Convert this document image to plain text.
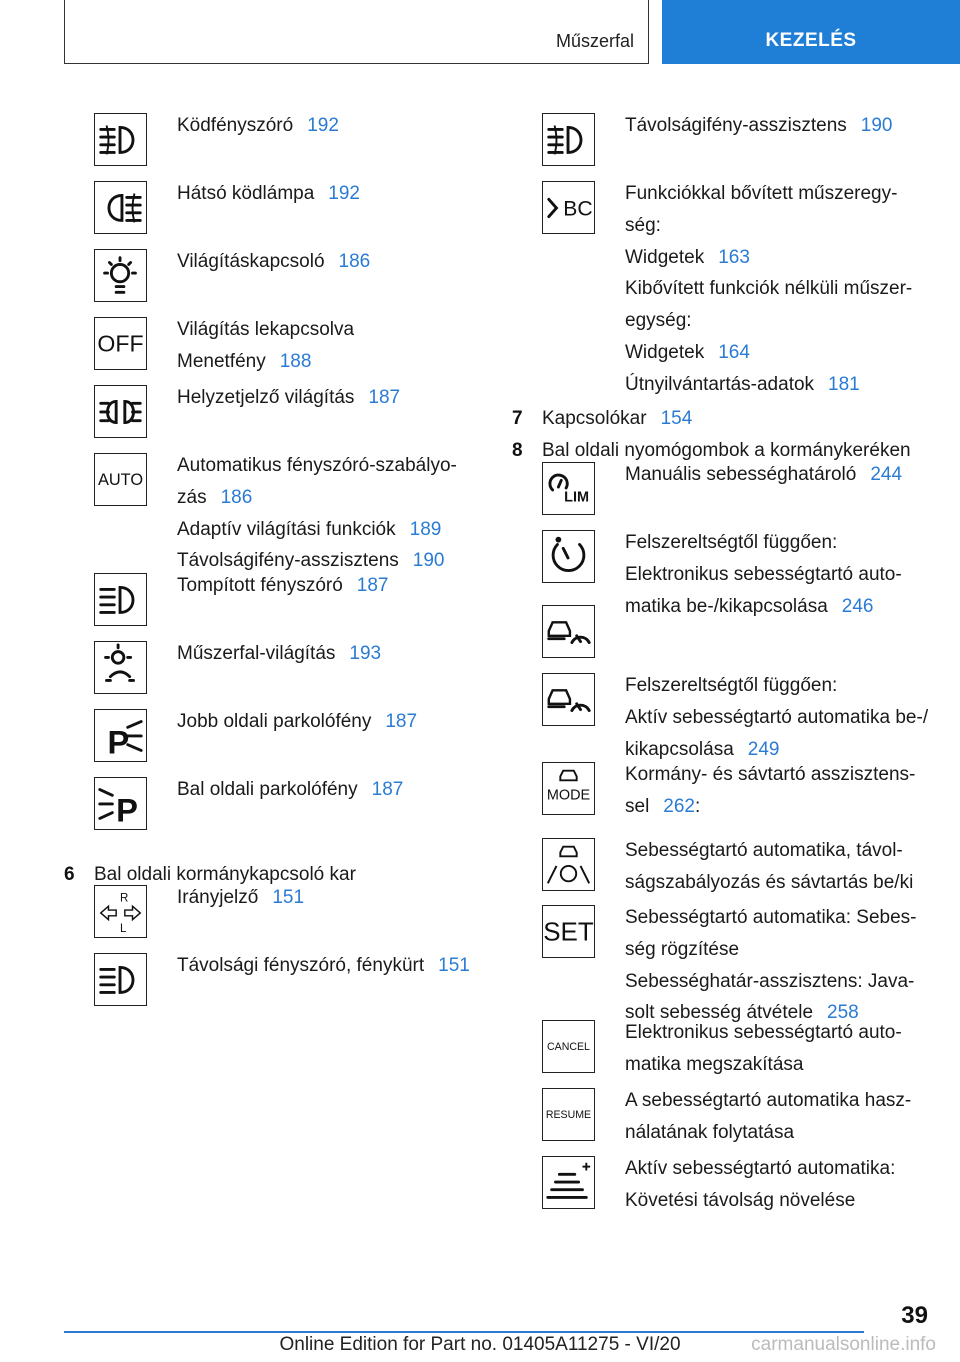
Műszerfal	KEZELÉS
Ködfényszóró 192
Hátsó ködlámpa 192
Világításkapcsoló 186
OFF
Világítás lekapcsolva
Menetfény 188
Helyzetjelző világítás 187
AUTO
Automatikus fényszóró-szabályo-
zás 186
Adaptív világítási funkciók 189
Távolságifény-asszisztens 190
Tompított fényszóró 187
Műszerfal-világítás 193
P
Jobb oldali parkolófény 187
P
Bal oldali parkolófény 187
6 Bal oldali kormánykapcsoló kar
R
L
Irányjelző 151
Távolsági fényszóró, fénykürt 151
Távolságifény-asszisztens 190
BC
Funkciókkal bővített műszeregy-
ség:
Widgetek 163
Kibővített funkciók nélküli műszer-
egység:
Widgetek 164
Útnyilvántartás-adatok 181
7 Kapcsolókar 154
8 Bal oldali nyomógombok a kormánykeréken
LIM
Manuális sebességhatároló 244
Felszereltségtől függően:
Elektronikus sebességtartó auto-
matika be-/kikapcsolása 246
Felszereltségtől függően:
Aktív sebességtartó automatika be-/
kikapcsolása 249
MODE
Kormány- és sávtartó asszisztens-
sel 262:
Sebességtartó automatika, távol-
ságszabályozás és sávtartás be/ki
SET Sebességtartó automatika: Sebes-
ség rögzítése
Sebességhatár-asszisztens: Java-
solt sebesség átvétele 258
CANCEL
Elektronikus sebességtartó auto-
matika megszakítása
RESUME
A sebességtartó automatika hasz-
nálatának folytatása
Aktív sebességtartó automatika:
Követési távolság növelése
39
Online Edition for Part no. 01405A11275 - VI/20	carmanualsonline.info
